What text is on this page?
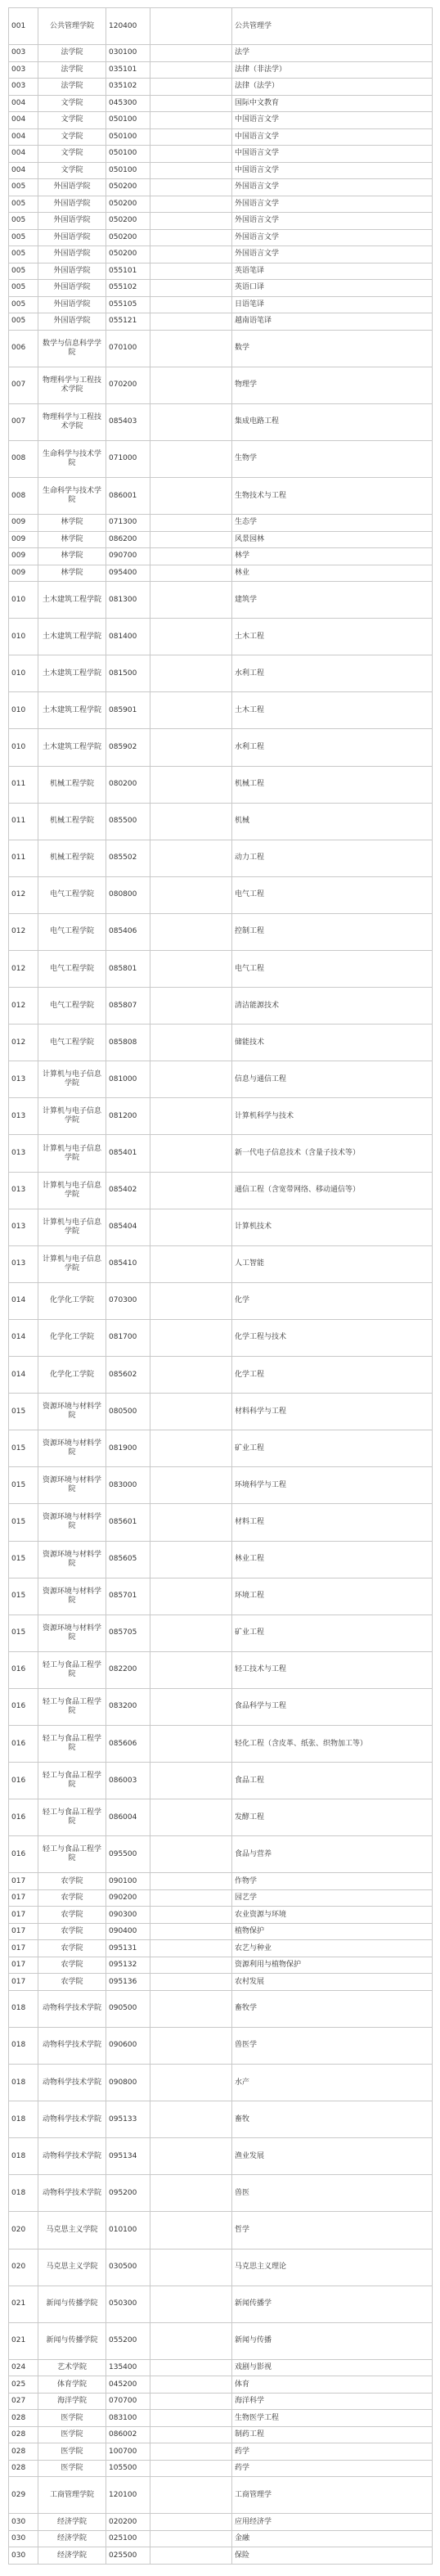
001	公共管理学院	120400		公共管理学
003	法学院	030100		法学
003	法学院	035101		法律（非法学）
003	法学院	035102		法律（法学）
004	文学院	045300		国际中文教育
004	文学院	050100		中国语言文学
004	文学院	050100		中国语言文学
004	文学院	050100		中国语言文学
004	文学院	050100		中国语言文学
005	外国语学院	050200		外国语言文学
005	外国语学院	050200		外国语言文学
005	外国语学院	050200		外国语言文学
005	外国语学院	050200		外国语言文学
005	外国语学院	050200		外国语言文学
005	外国语学院	055101		英语笔译
005	外国语学院	055102		英语口译
005	外国语学院	055105		日语笔译
005	外国语学院	055121		越南语笔译
006	数学与信息科学学院	070100		数学
007	物理科学与工程技术学院	070200		物理学
007	物理科学与工程技术学院	085403		集成电路工程
008	生命科学与技术学院	071000		生物学
008	生命科学与技术学院	086001		生物技术与工程
009	林学院	071300		生态学
009	林学院	086200		风景园林
009	林学院	090700		林学
009	林学院	095400		林业
010	土木建筑工程学院	081300		建筑学
010	土木建筑工程学院	081400		土木工程
010	土木建筑工程学院	081500		水利工程
010	土木建筑工程学院	085901		土木工程
010	土木建筑工程学院	085902		水利工程
011	机械工程学院	080200		机械工程
011	机械工程学院	085500		机械
011	机械工程学院	085502		动力工程
012	电气工程学院	080800		电气工程
012	电气工程学院	085406		控制工程
012	电气工程学院	085801		电气工程
012	电气工程学院	085807		清洁能源技术
012	电气工程学院	085808		储能技术
013	计算机与电子信息学院	081000		信息与通信工程
013	计算机与电子信息学院	081200		计算机科学与技术
013	计算机与电子信息学院	085401		新一代电子信息技术（含量子技术等）
013	计算机与电子信息学院	085402		通信工程（含宽带网络、移动通信等）
013	计算机与电子信息学院	085404		计算机技术
013	计算机与电子信息学院	085410		人工智能
014	化学化工学院	070300		化学
014	化学化工学院	081700		化学工程与技术
014	化学化工学院	085602		化学工程
015	资源环境与材料学院	080500		材料科学与工程
015	资源环境与材料学院	081900		矿业工程
015	资源环境与材料学院	083000		环境科学与工程
015	资源环境与材料学院	085601		材料工程
015	资源环境与材料学院	085605		林业工程
015	资源环境与材料学院	085701		环境工程
015	资源环境与材料学院	085705		矿业工程
016	轻工与食品工程学院	082200		轻工技术与工程
016	轻工与食品工程学院	083200		食品科学与工程
016	轻工与食品工程学院	085606		轻化工程（含皮革、纸张、织物加工等）
016	轻工与食品工程学院	086003		食品工程
016	轻工与食品工程学院	086004		发酵工程
016	轻工与食品工程学院	095500		食品与营养
017	农学院	090100		作物学
017	农学院	090200		园艺学
017	农学院	090300		农业资源与环境
017	农学院	090400		植物保护
017	农学院	095131		农艺与种业
017	农学院	095132		资源利用与植物保护
017	农学院	095136		农村发展
018	动物科学技术学院	090500		畜牧学
018	动物科学技术学院	090600		兽医学
018	动物科学技术学院	090800		水产
018	动物科学技术学院	095133		畜牧
018	动物科学技术学院	095134		渔业发展
018	动物科学技术学院	095200		兽医
020	马克思主义学院	010100		哲学
020	马克思主义学院	030500		马克思主义理论
021	新闻与传播学院	050300		新闻传播学
021	新闻与传播学院	055200		新闻与传播
024	艺术学院	135400		戏剧与影视
025	体育学院	045200		体育
027	海洋学院	070700		海洋科学
028	医学院	083100		生物医学工程
028	医学院	086002		制药工程
028	医学院	100700		药学
028	医学院	105500		药学
029	工商管理学院	120100		工商管理学
030	经济学院	020200		应用经济学
030	经济学院	025100		金融
030	经济学院	025500		保险
